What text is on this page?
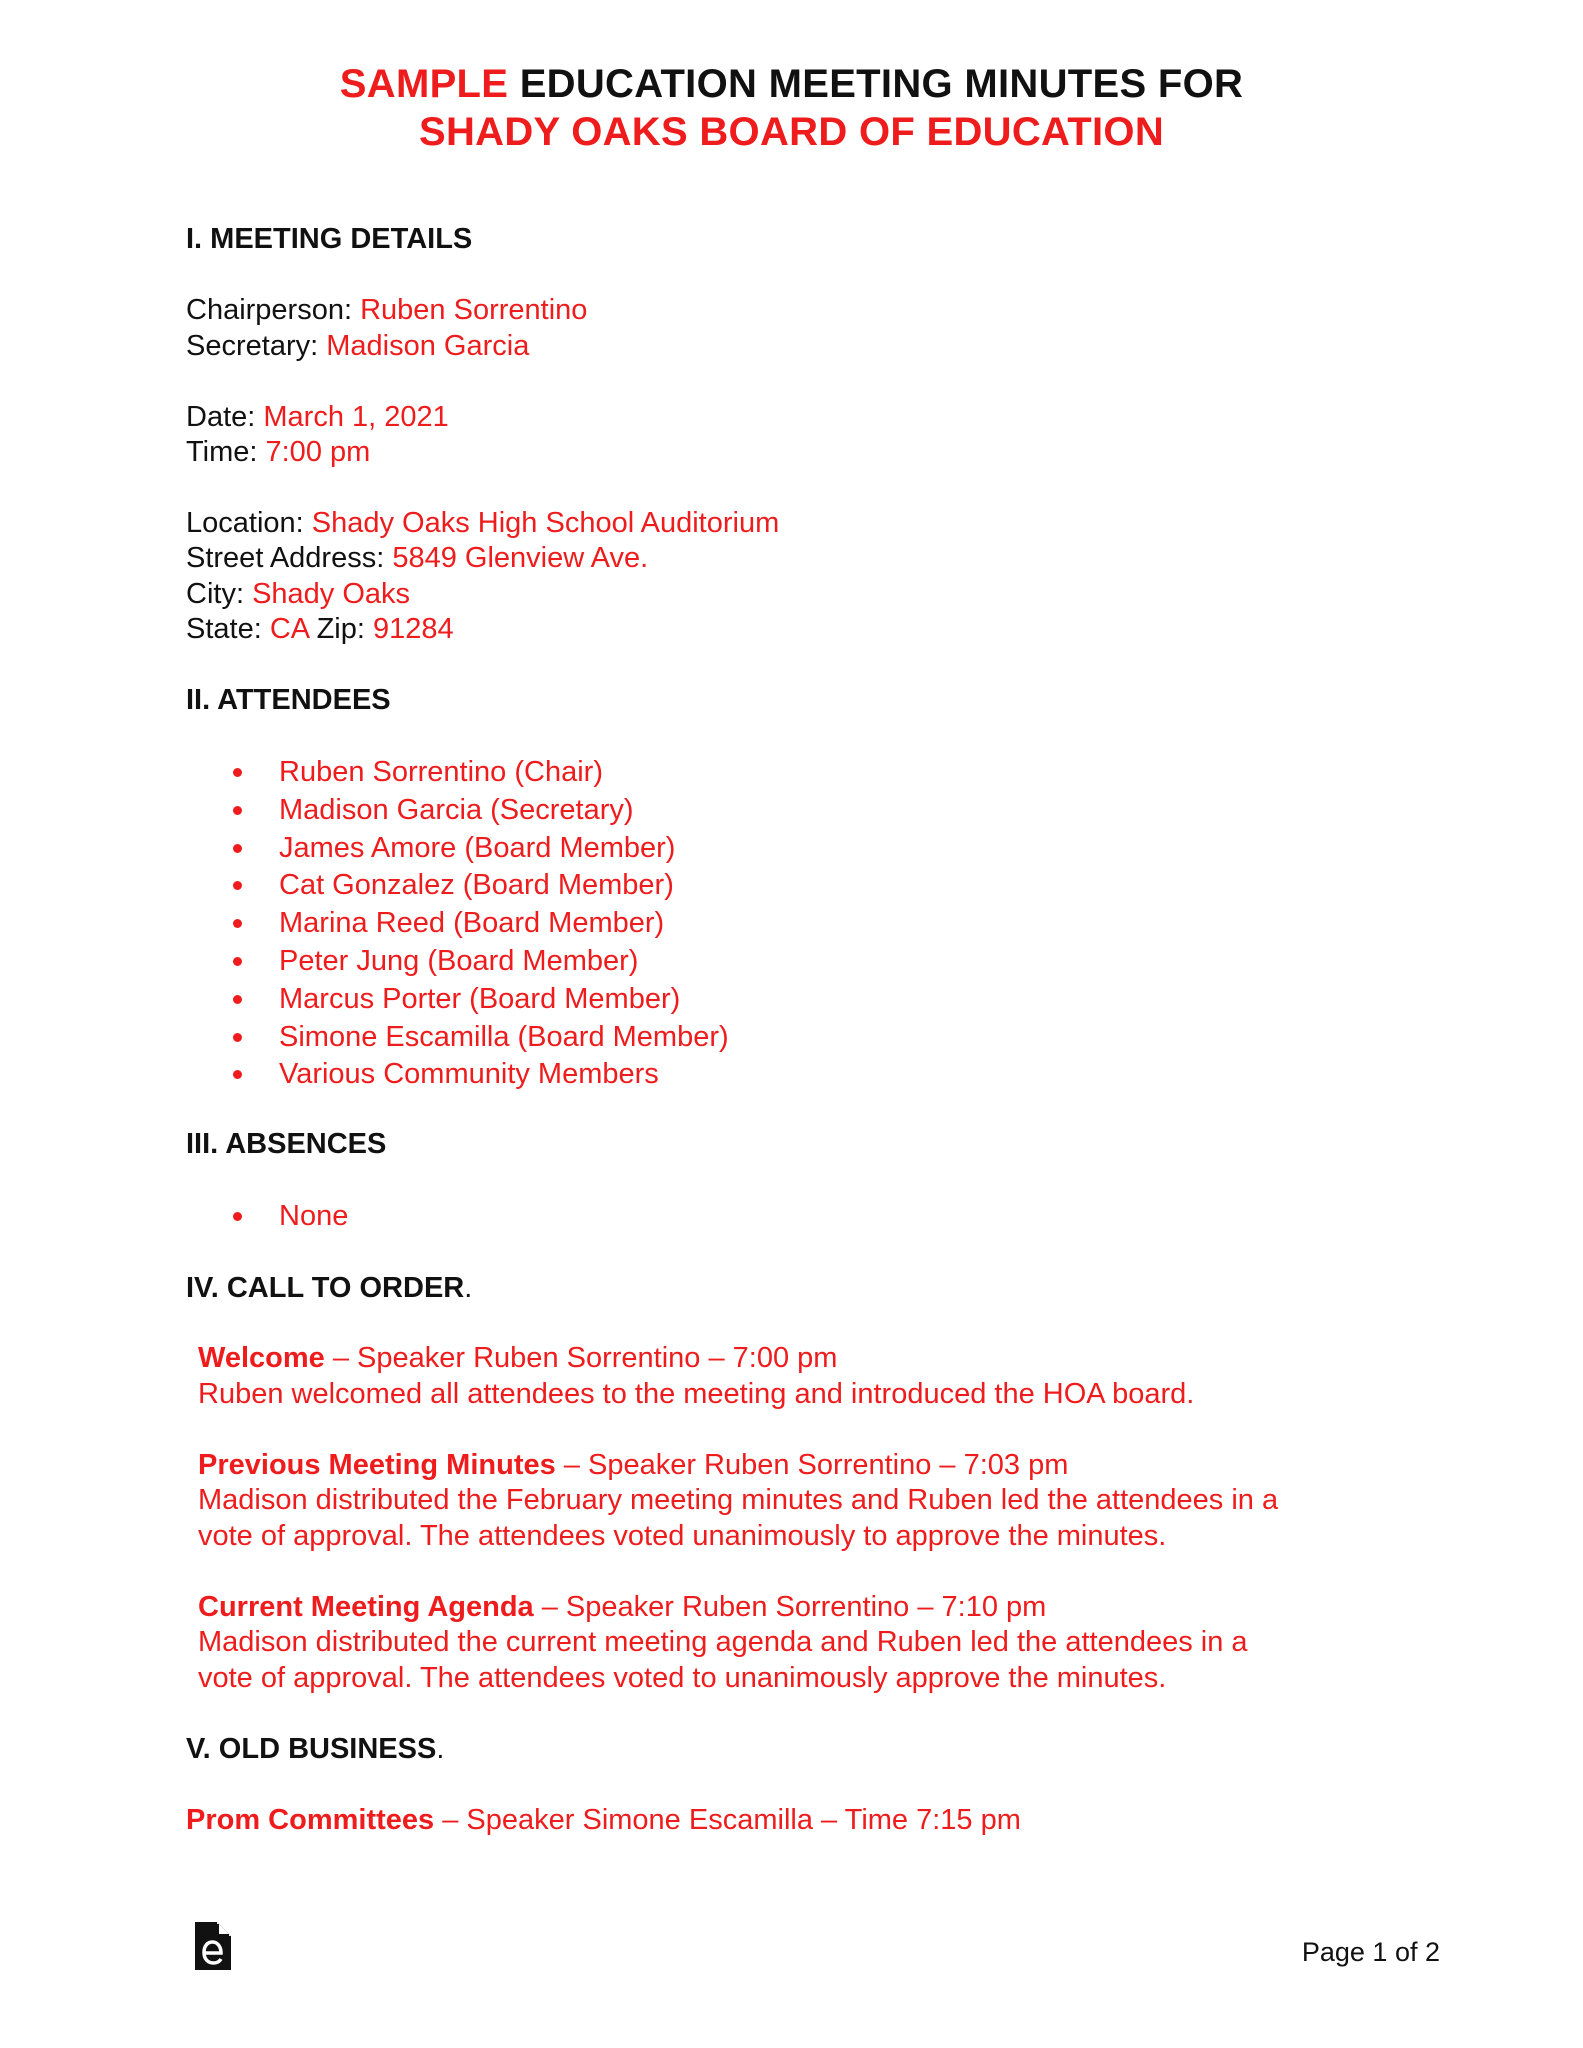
SAMPLE EDUCATION MEETING MINUTES FOR
SHADY OAKS BOARD OF EDUCATION
I. MEETING DETAILS
Chairperson: Ruben Sorrentino
Secretary: Madison Garcia
Date: March 1, 2021
Time: 7:00 pm
Location: Shady Oaks High School Auditorium
Street Address: 5849 Glenview Ave.
City: Shady Oaks
State: CA Zip: 91284
II. ATTENDEES
Ruben Sorrentino (Chair)
Madison Garcia (Secretary)
James Amore (Board Member)
Cat Gonzalez (Board Member)
Marina Reed (Board Member)
Peter Jung (Board Member)
Marcus Porter (Board Member)
Simone Escamilla (Board Member)
Various Community Members
III. ABSENCES
None
IV. CALL TO ORDER.
Welcome – Speaker Ruben Sorrentino – 7:00 pm
Ruben welcomed all attendees to the meeting and introduced the HOA board.
Previous Meeting Minutes – Speaker Ruben Sorrentino – 7:03 pm
Madison distributed the February meeting minutes and Ruben led the attendees in a
vote of approval. The attendees voted unanimously to approve the minutes.
Current Meeting Agenda – Speaker Ruben Sorrentino – 7:10 pm
Madison distributed the current meeting agenda and Ruben led the attendees in a
vote of approval. The attendees voted to unanimously approve the minutes.
V. OLD BUSINESS.
Prom Committees – Speaker Simone Escamilla – Time 7:15 pm
Page 1 of 2
